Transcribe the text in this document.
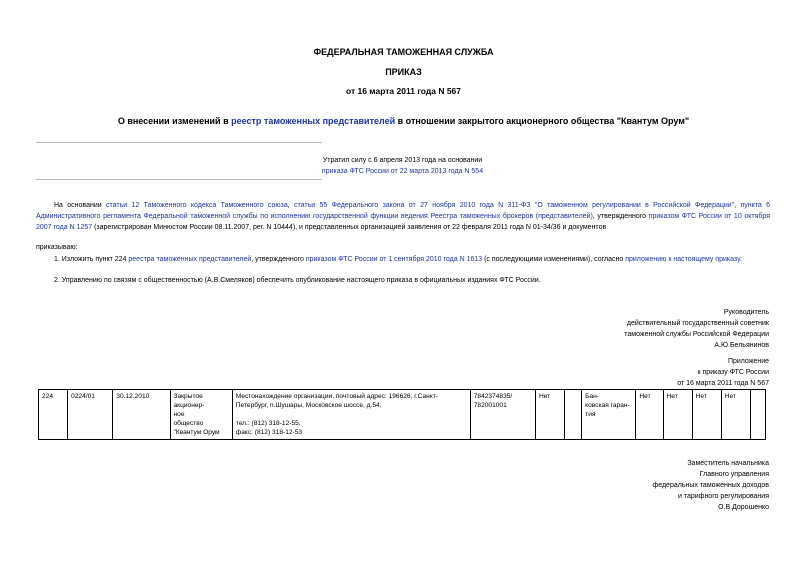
ФЕДЕРАЛЬНАЯ ТАМОЖЕННАЯ СЛУЖБА
ПРИКАЗ
от 16 марта 2011 года N 567
О внесении изменений в реестр таможенных представителей в отношении закрытого акционерного общества "Квантум Орум"
Утратил силу с 6 апреля 2013 года на основании
приказа ФТС России от 22 марта 2013 года N 554
На основании статьи 12 Таможенного кодекса Таможенного союза, статьи 55 Федерального закона от 27 ноября 2010 года N 311-ФЗ "О таможенном регулировании в Российской Федерации", пункта 6 Административного регламента Федеральной таможенной службы по исполнению государственной функции ведения Реестра таможенных брокеров (представителей), утвержденного приказом ФТС России от 10 октября 2007 года N 1257 (зарегистрирован Минюстом России 08.11.2007, рег. N 10444), и представленных организацией заявления от 22 февраля 2011 года N 01-34/36 и документов
приказываю:
1. Изложить пункт 224 реестра таможенных представителей, утвержденного приказом ФТС России от 1 сентября 2010 года N 1613 (с последующими изменениями), согласно приложению к настоящему приказу.
2. Управлению по связям с общественностью (А.В.Смеляков) обеспечить опубликование настоящего приказа в официальных изданиях ФТС России.
Руководитель
действительный государственный советник
таможенной службы Российской Федерации
А.Ю.Бельянинов
Приложение
к приказу ФТС России
от 16 марта 2011 года N 567
224	0224/01	30.12.2010	Закрытое
акционер-
ное
общество
"Квантум Орум	Местонахождение организации, почтовый адрес: 196626, г.Санкт-Петербург, п.Шушары, Московское шоссе, д.54;

тел.: (812) 318-12-55,
факс: (812) 318-12-53	7842374835/
782001001	Нет		Бан-
ковская гаран-
тия	Нет	Нет	Нет	Нет	
Заместитель начальника
Главного управления
федеральных таможенных доходов
и тарифного регулирования
О.В.Дорошенко
